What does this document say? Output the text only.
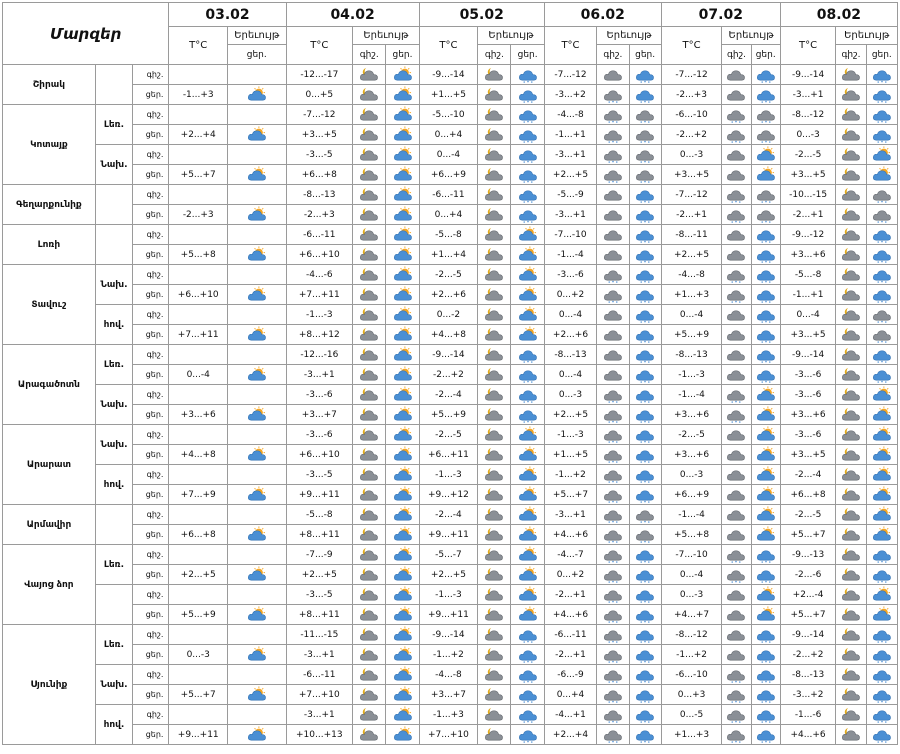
Մարզեր			03.02		04.02			05.02			06.02			07.02			08.02		
			T°C	Երեւույթ	T°C	Երեւույթ		T°C	Երեւույթ		T°C	Երեւույթ		T°C	Երեւույթ		T°C	Երեւույթ	
				ցեր.		գիշ.	ցեր.		գիշ.	ցեր.		գիշ.	ցեր.		գիշ.	ցեր.		գիշ.	ցեր.
Շիրակ		գիշ.			-12...-17			-9...-14			-7...-12			-7...-12			-9...-14	

		ցեր.	-1...+3		0...+5			+1...+5			-3...+2			-2...+3			-3...+1	

Կոտայք	Լեռ.	գիշ.			-7...-12			-5...-10			-4...-8			-6...-10			-8...-12	

		ցեր.	+2...+4		+3...+5			0...+4			-1...+1			-2...+2			0...-3	

	Նախ.	գիշ.			-3...-5			0...-4			-3...+1			0...-3			-2...-5	

		ցեր.	+5...+7		+6...+8			+6...+9			+2...+5			+3...+5			+3...+5	

Գեղարքունիք		գիշ.			-8...-13			-6...-11			-5...-9			-7...-12			-10...-15	

		ցեր.	-2...+3		-2...+3			0...+4			-3...+1			-2...+1			-2...+1	

Լոռի		գիշ.			-6...-11			-5...-8			-7...-10			-8...-11			-9...-12	

		ցեր.	+5...+8		+6...+10			+1...+4			-1...-4			+2...+5			+3...+6	

Տավուշ	Նախ.	գիշ.			-4...-6			-2...-5			-3...-6			-4...-8			-5...-8	

		ցեր.	+6...+10		+7...+11			+2...+6			0...+2			+1...+3			-1...+1	

	հով.	գիշ.			-1...-3			0...-2			0...-4			0...-4			0...-4	

		ցեր.	+7...+11		+8...+12			+4...+8			+2...+6			+5...+9			+3...+5	

Արագածոտն	Լեռ.	գիշ.			-12...-16			-9...-14			-8...-13			-8...-13			-9...-14	

		ցեր.	0...-4		-3...+1			-2...+2			0...-4			-1...-3			-3...-6	

	Նախ.	գիշ.			-3...-6			-2...-4			0...-3			-1...-4			-3...-6	

		ցեր.	+3...+6		+3...+7			+5...+9			+2...+5			+3...+6			+3...+6	

Արարատ	Նախ.	գիշ.			-3...-6			-2...-5			-1...-3			-2...-5			-3...-6	

		ցեր.	+4...+8		+6...+10			+6...+11			+1...+5			+3...+6			+3...+5	

	հով.	գիշ.			-3...-5			-1...-3			-1...+2			0...-3			-2...-4	

		ցեր.	+7...+9		+9...+11			+9...+12			+5...+7			+6...+9			+6...+8	

Արմավիր		գիշ.			-5...-8			-2...-4			-3...+1			-1...-4			-2...-5	

		ցեր.	+6...+8		+8...+11			+9...+11			+4...+6			+5...+8			+5...+7	

Վայոց ձոր	Լեռ.	գիշ.			-7...-9			-5...-7			-4...-7			-7...-10			-9...-13	

		ցեր.	+2...+5		+2...+5			+2...+5			0...+2			0...-4			-2...-6	

		գիշ.			-3...-5			-1...-3			-2...+1			0...-3			+2...-4	

		ցեր.	+5...+9		+8...+11			+9...+11			+4...+6			+4...+7			+5...+7	

Սյունիք	Լեռ.	գիշ.			-11...-15			-9...-14			-6...-11			-8...-12			-9...-14	

		ցեր.	0...-3		-3...+1			-1...+2			-2...+1			-1...+2			-2...+2	

	Նախ.	գիշ.			-6...-11			-4...-8			-6...-9			-6...-10			-8...-13	

		ցեր.	+5...+7		+7...+10			+3...+7			0...+4			0...+3			-3...+2	

	հով.	գիշ.			-3...+1			-1...+3			-4...+1			0...-5			-1...-6	

		ցեր.	+9...+11		+10...+13			+7...+10			+2...+4			+1...+3			+4...+6	
